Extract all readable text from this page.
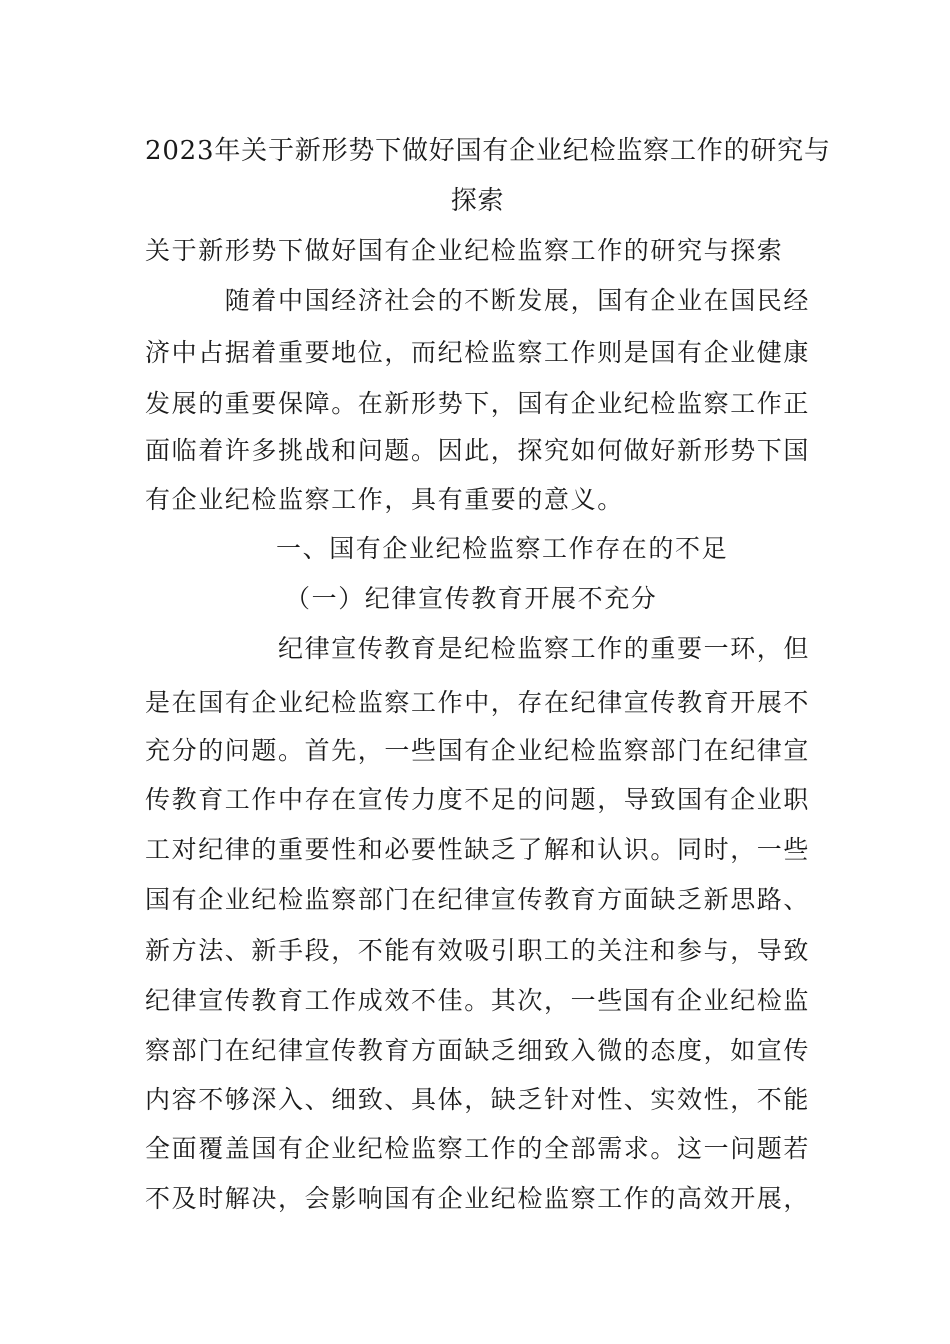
2023年关于新形势下做好国有企业纪检监察工作的研究与
探索
关于新形势下做好国有企业纪检监察工作的研究与探索
随着中国经济社会的不断发展，国有企业在国民经
济中占据着重要地位，而纪检监察工作则是国有企业健康
发展的重要保障。在新形势下，国有企业纪检监察工作正
面临着许多挑战和问题。因此，探究如何做好新形势下国
有企业纪检监察工作，具有重要的意义。
一、国有企业纪检监察工作存在的不足
（一）纪律宣传教育开展不充分
纪律宣传教育是纪检监察工作的重要一环，但
是在国有企业纪检监察工作中，存在纪律宣传教育开展不
充分的问题。首先，一些国有企业纪检监察部门在纪律宣
传教育工作中存在宣传力度不足的问题，导致国有企业职
工对纪律的重要性和必要性缺乏了解和认识。同时，一些
国有企业纪检监察部门在纪律宣传教育方面缺乏新思路、
新方法、新手段，不能有效吸引职工的关注和参与，导致
纪律宣传教育工作成效不佳。其次，一些国有企业纪检监
察部门在纪律宣传教育方面缺乏细致入微的态度，如宣传
内容不够深入、细致、具体，缺乏针对性、实效性，不能
全面覆盖国有企业纪检监察工作的全部需求。这一问题若
不及时解决，会影响国有企业纪检监察工作的高效开展，
